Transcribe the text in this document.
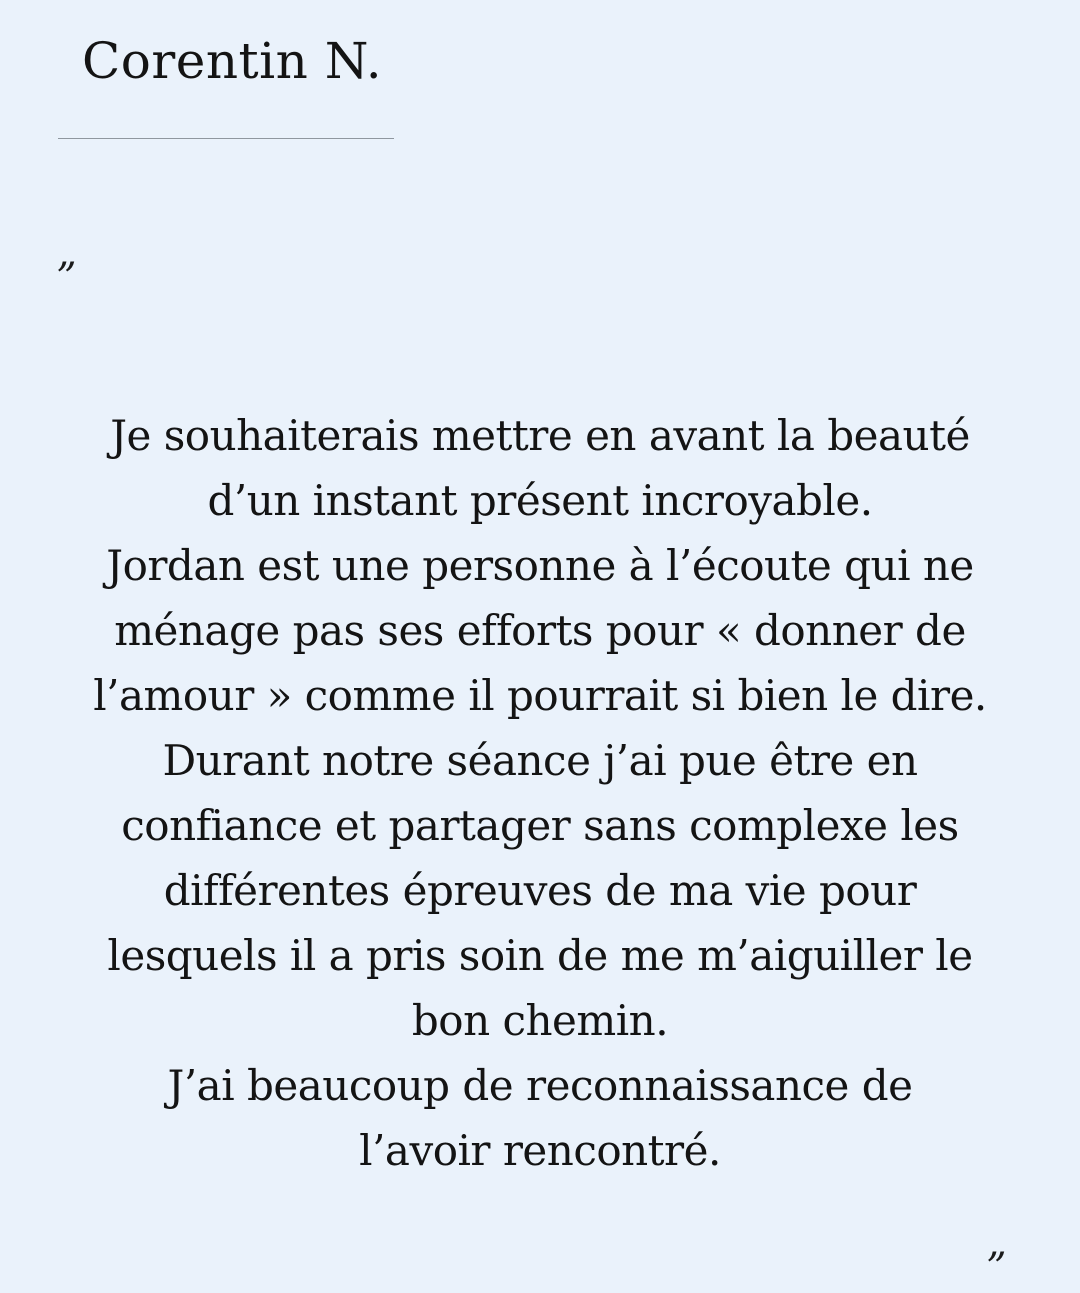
Corentin N.
”

Je souhaiterais mettre en avant la beauté
d’un instant présent incroyable.
Jordan est une personne à l’écoute qui ne
ménage pas ses efforts pour « donner de
l’amour » comme il pourrait si bien le dire.
Durant notre séance j’ai pue être en
confiance et partager sans complexe les
différentes épreuves de ma vie pour
lesquels il a pris soin de me m’aiguiller le
bon chemin.
J’ai beaucoup de reconnaissance de
l’avoir rencontré.

”
